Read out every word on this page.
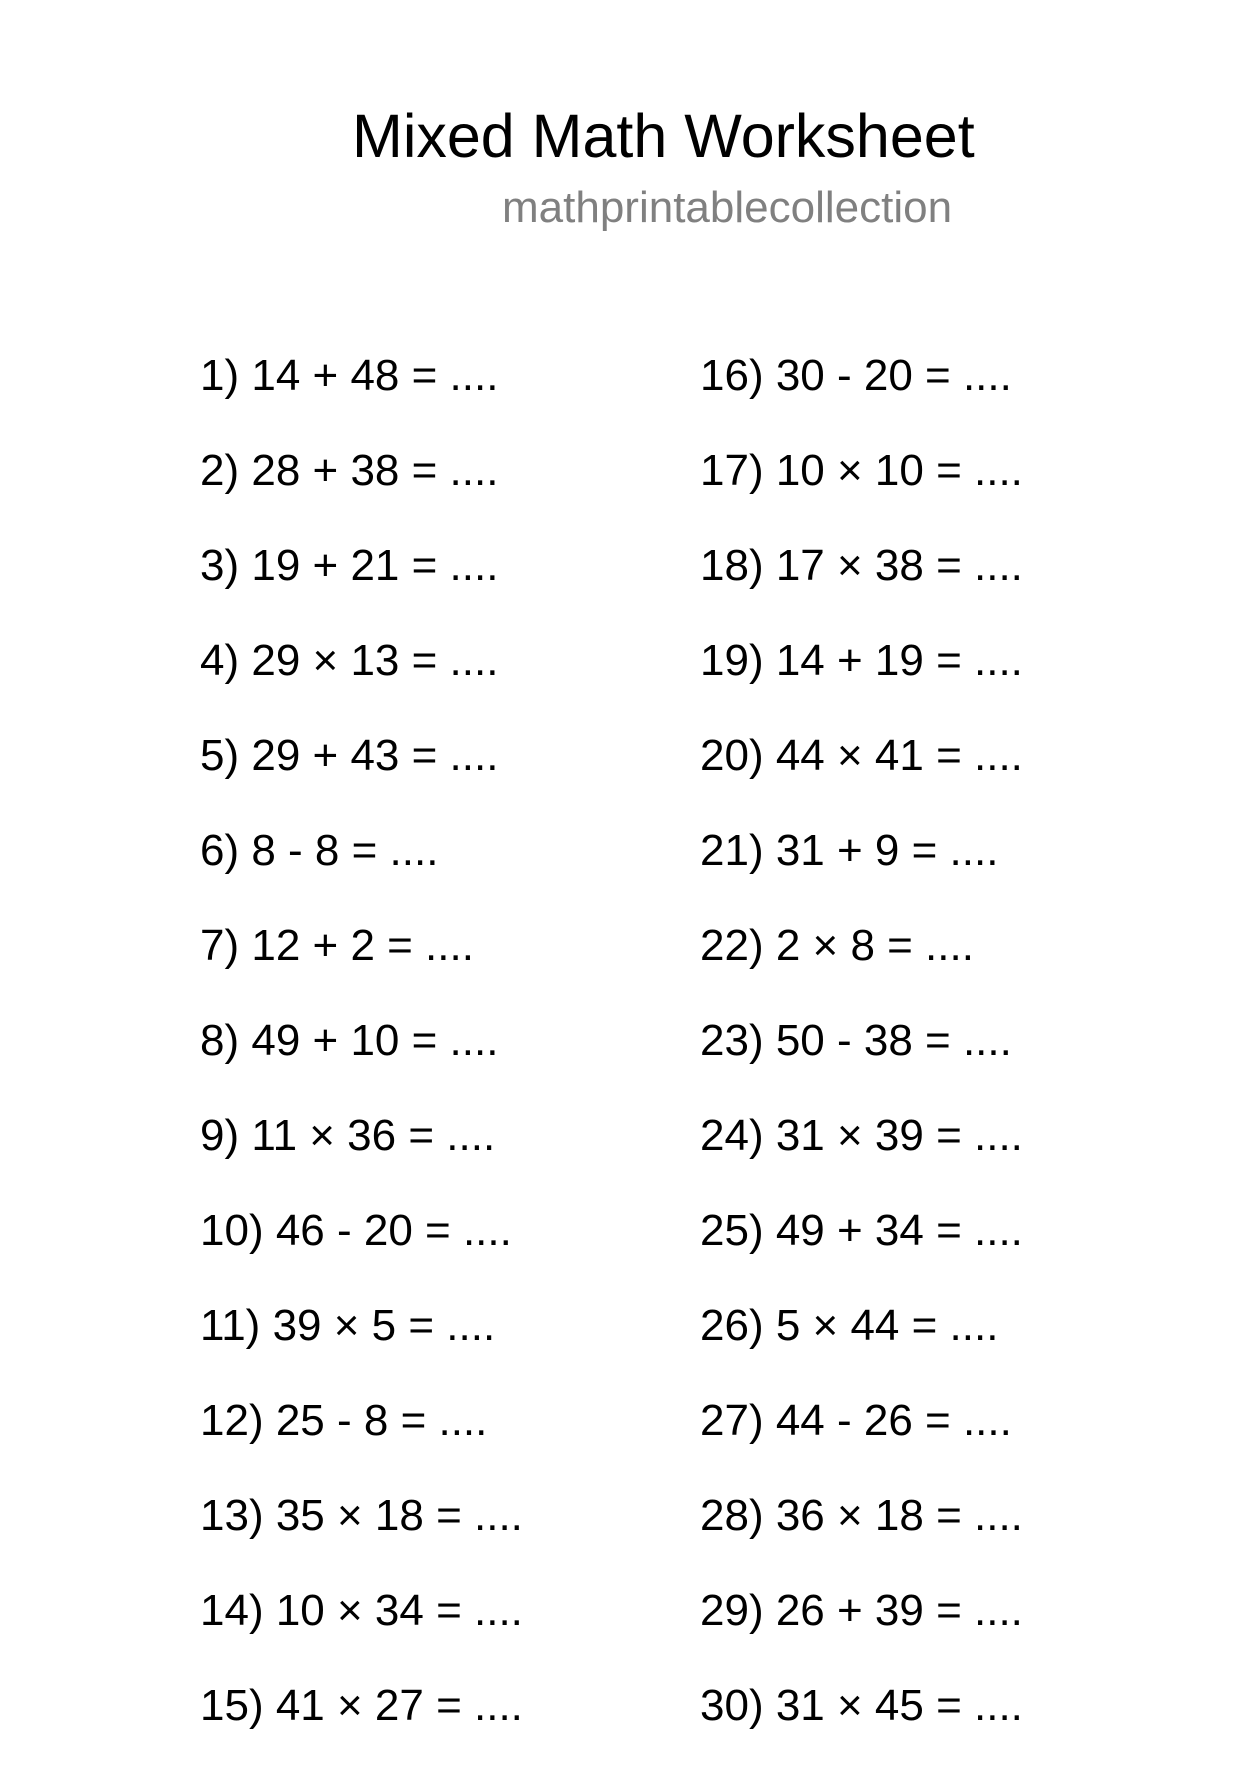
Mixed Math Worksheet
mathprintablecollection
1) 14 + 48 = ....
2) 28 + 38 = ....
3) 19 + 21 = ....
4) 29 × 13 = ....
5) 29 + 43 = ....
6) 8 - 8 = ....
7) 12 + 2 = ....
8) 49 + 10 = ....
9) 11 × 36 = ....
10) 46 - 20 = ....
11) 39 × 5 = ....
12) 25 - 8 = ....
13) 35 × 18 = ....
14) 10 × 34 = ....
15) 41 × 27 = ....
16) 30 - 20 = ....
17) 10 × 10 = ....
18) 17 × 38 = ....
19) 14 + 19 = ....
20) 44 × 41 = ....
21) 31 + 9 = ....
22) 2 × 8 = ....
23) 50 - 38 = ....
24) 31 × 39 = ....
25) 49 + 34 = ....
26) 5 × 44 = ....
27) 44 - 26 = ....
28) 36 × 18 = ....
29) 26 + 39 = ....
30) 31 × 45 = ....
